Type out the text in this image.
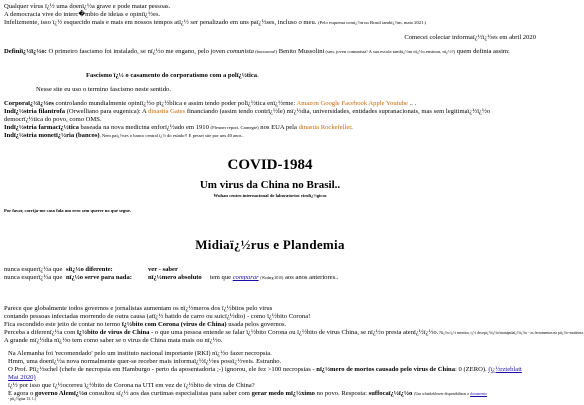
Qualquer vírus ï¿½ uma doenï¿½a grave e pode matar pessoas.
A democracia vive do interc�mbio de ideias e opiniï¿½es.
Infelizmente, isso ï¿½ esquecido mais e mais em nossos tempos atï¿½ ser penalizado em uns paï¿½ses, incluso o meu. (Pelo esquema comï¿½n no Brasil tambï¿½m, maio 2021.)
Comecei colectar informaï¿½ï¿½es em abril 2020
Definiï¿½ï¿½o: O primeiro fascismo foi instalado, se nï¿½o me engano, pelo joven comunista (booooom!) Benito Mussolini (sim, joven comunista! A sua escola tambï¿½m nï¿½o ensinou, nï¿½?) quem definia assim:
Fascismo ï¿½ o casamento do corporatismo com a polï¿½tica.
Nesse site eu uso o termino fascismo neste sentido.
Corporaï¿½ï¿½es controlando mundialmente opiniï¿½o pï¿½blica e assim tendo poder polï¿½tica enï¿½rme: Amazon Google Facebook Apple Youtube .. .
Indï¿½stria filantrofa (Orwelliano para eugenica): A dinastia Gates financiando (assim tendo contrï¿½le) mï¿½dia, universidades, entidades supranacionais, mas sem legitimaï¿½ï¿½o
democrï¿½tica do povo, como OMS.
Indï¿½stria farmacï¿½tica baseada na nova medicina enforï¿½ado em 1910 (Flexner report, Carnegie) nos EUA pela dinastia Rockefeller.
Indï¿½stria monetï¿½ria (bancos). Nem paï¿½ses o banco central ï¿½ do estado!! E pessei site por uns 40 anos..
COVID-1984
Um virus da China no Brasil..
Wuhan centro internacional de laboratorios virolï¿½gicos
Por favor, corrija-me caso fala um erro sem querer no que segue.
Midiaï¿½rus e Plandemia
nunca esquerï¿½a quesiï¿½o diferente:	ver - saber
nunca esquerï¿½a quenï¿½o serve para nada: nï¿½mero absoluto tem que comparar (Wodarg 2010) aos anos anteriores..
Parece que globalmente todos governos e jornalistas aumentam os nï¿½meros dos ï¿½bitos pelo virus
contando pessoas infectadas morrendo de outra causa (atï¿½ batido de carro ou suicï¿½dio) - como ï¿½bito Corona!
Fica escondido este jeito de contar no termo ï¿½bito com Corona (virus de China) usada pelos governos.
Perceba a diferenï¿½a com ï¿½bito de virus de China - o que uma pessoa entende se falar ï¿½bito Corona ou ï¿½bito de virus China, se nï¿½o presta atenï¿½ï¿½o. Nï¿½o ï¿½ mentira, ï¿½ decepï¿½ï¿½o/manipulaï¿½ï¿½o - as ferramentas na piï¿½o-moderna.
A grande mï¿½dia nï¿½o tem como saber se o virus de China mata mais ou nï¿½o.
Na Alemanha foi 'recomendado' pelo um instituto nacional importante (RKI) nï¿½o fazer necropsia.
Hmm, uma doenï¿½a nova normalmente quer-se receber mais informaï¿½ï¿½es possï¿½veis. Estranho.
O Prof. Piï¿½schel (chefe de necropsia em Hamburgo - perto da aposentadoria ;-) ignorou, ele fez >100 necropsias - nï¿½mero de mortos causado pelo virus de China: 0 (ZERO). (ï¿½rzteblatt
Mai 2020)
ï¿½ por isso que ï¿½ocorreu ï¿½bito de Corona na UTI em vez de ï¿½bito de virus de China?
E agora o governo Alemï¿½o consultou sï¿½ aos das curtimas especialistas para saber com gerar medo mï¿½ximo no povo. Resposta: suffocaï¿½ï¿½o. (Um whistleblower disponibilizou o documento
- piï¿½gina 13, 1.)
